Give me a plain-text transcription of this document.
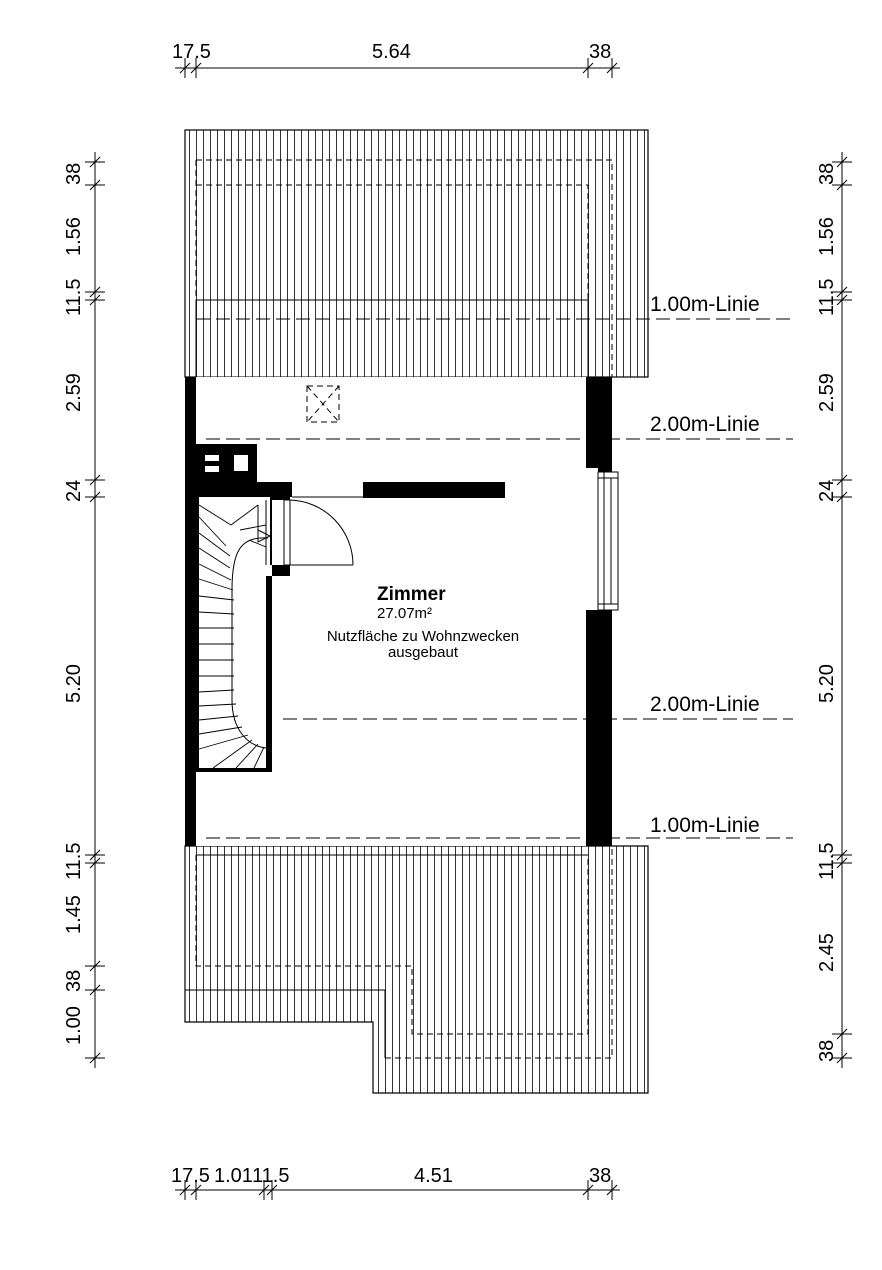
17.5	5.64	38
17.5 1.01 11.5	4.51	38
38
1.56
11.5
2.59
24
5.20
11.5
1.45
38
1.00
38
1.56
11.5
2.59
24
5.20
11.5
2.45
38
1.00m-Linie
2.00m-Linie
2.00m-Linie
1.00m-Linie
Zimmer
27.07m²
Nutzfläche zu Wohnzwecken
ausgebaut
